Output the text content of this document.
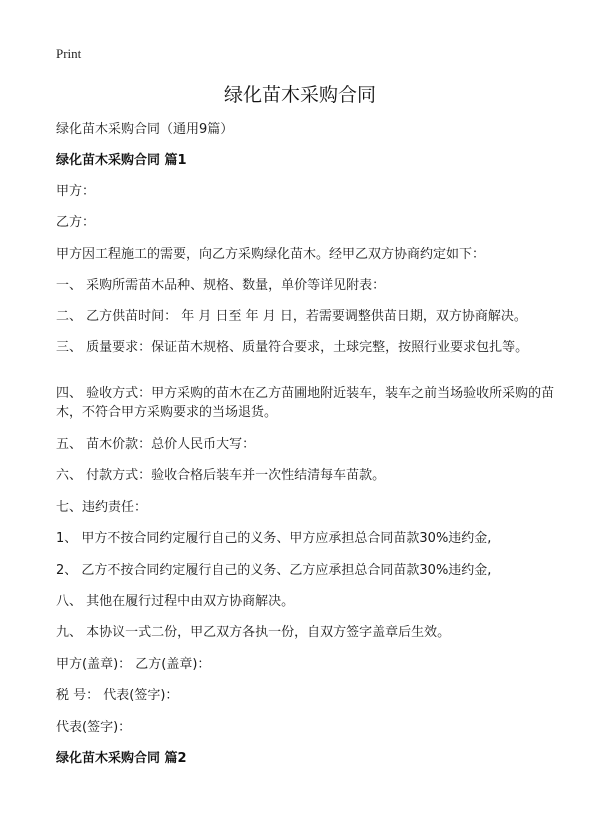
Print
绿化苗木采购合同

绿化苗木采购合同（通用9篇）

绿化苗木采购合同 篇1

甲方：

乙方：

甲方因工程施工的需要，向乙方采购绿化苗木。经甲乙双方协商约定如下：

一、 采购所需苗木品种、规格、数量，单价等详见附表：

二、 乙方供苗时间： 年 月 日至 年 月 日，若需要调整供苗日期，双方协商解决。

三、 质量要求：保证苗木规格、质量符合要求，土球完整，按照行业要求包扎等。

四、 验收方式：甲方采购的苗木在乙方苗圃地附近装车，装车之前当场验收所采购的苗木，不符合甲方采购要求的当场退货。

五、 苗木价款：总价人民币大写：

六、 付款方式：验收合格后装车并一次性结清每车苗款。

七、违约责任：

1、 甲方不按合同约定履行自己的义务、甲方应承担总合同苗款30%违约金,

2、 乙方不按合同约定履行自己的义务、乙方应承担总合同苗款30%违约金,

八、 其他在履行过程中由双方协商解决。

九、 本协议一式二份，甲乙双方各执一份，自双方签字盖章后生效。

甲方(盖章)： 乙方(盖章)：

税 号： 代表(签字)：

代表(签字)：

绿化苗木采购合同 篇2
